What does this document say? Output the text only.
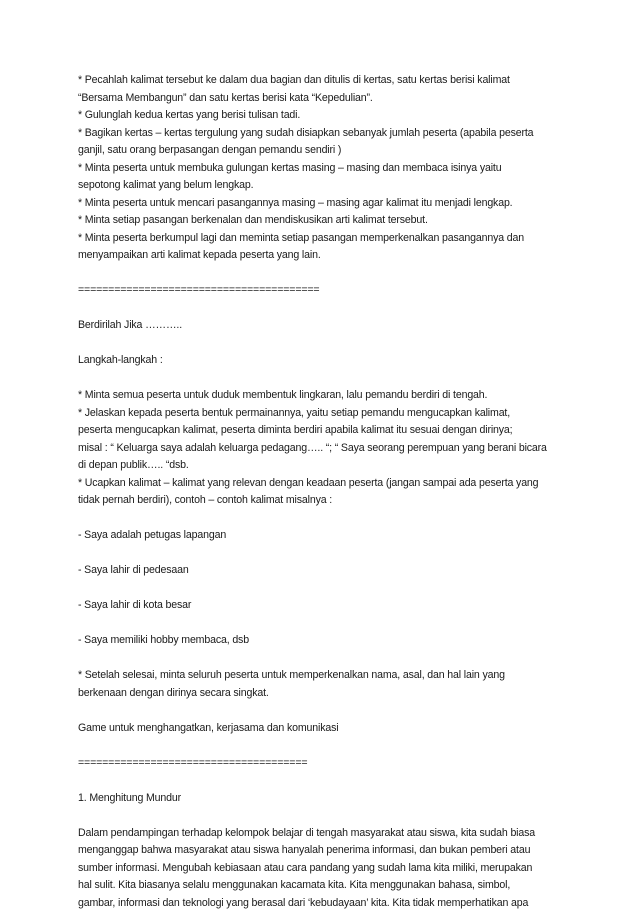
* Pecahlah kalimat tersebut ke dalam dua bagian dan ditulis di kertas, satu kertas berisi kalimat
“Bersama Membangun” dan satu kertas berisi kata “Kepedulian”.
* Gulunglah kedua kertas yang berisi tulisan tadi.
* Bagikan kertas – kertas tergulung yang sudah disiapkan sebanyak jumlah peserta (apabila peserta
ganjil, satu orang berpasangan dengan pemandu sendiri )
* Minta peserta untuk membuka gulungan kertas masing – masing dan membaca isinya yaitu
sepotong kalimat yang belum lengkap.
* Minta peserta untuk mencari pasangannya masing – masing agar kalimat itu menjadi lengkap.
* Minta setiap pasangan berkenalan dan mendiskusikan arti kalimat tersebut.
* Minta peserta berkumpul lagi dan meminta setiap pasangan memperkenalkan pasangannya dan
menyampaikan arti kalimat kepada peserta yang lain.
========================================
Berdirilah Jika ………..
Langkah-langkah :
* Minta semua peserta untuk duduk membentuk lingkaran, lalu pemandu berdiri di tengah.
* Jelaskan kepada peserta bentuk permainannya, yaitu setiap pemandu mengucapkan kalimat,
peserta mengucapkan kalimat, peserta diminta berdiri apabila kalimat itu sesuai dengan dirinya;
misal : “ Keluarga saya adalah keluarga pedagang….. “; “ Saya seorang perempuan yang berani bicara
di depan publik….. “dsb.
* Ucapkan kalimat – kalimat yang relevan dengan keadaan peserta (jangan sampai ada peserta yang
tidak pernah berdiri), contoh – contoh kalimat misalnya :
- Saya adalah petugas lapangan
- Saya lahir di pedesaan
- Saya lahir di kota besar
- Saya memiliki hobby membaca, dsb
* Setelah selesai, minta seluruh peserta untuk memperkenalkan nama, asal, dan hal lain yang
berkenaan dengan dirinya secara singkat.
Game untuk menghangatkan, kerjasama dan komunikasi
======================================
1. Menghitung Mundur
Dalam pendampingan terhadap kelompok belajar di tengah masyarakat atau siswa, kita sudah biasa
menganggap bahwa masyarakat atau siswa hanyalah penerima informasi, dan bukan pemberi atau
sumber informasi. Mengubah kebiasaan atau cara pandang yang sudah lama kita miliki, merupakan
hal sulit. Kita biasanya selalu menggunakan kacamata kita. Kita menggunakan bahasa, simbol,
gambar, informasi dan teknologi yang berasal dari ‘kebudayaan’ kita. Kita tidak memperhatikan apa
